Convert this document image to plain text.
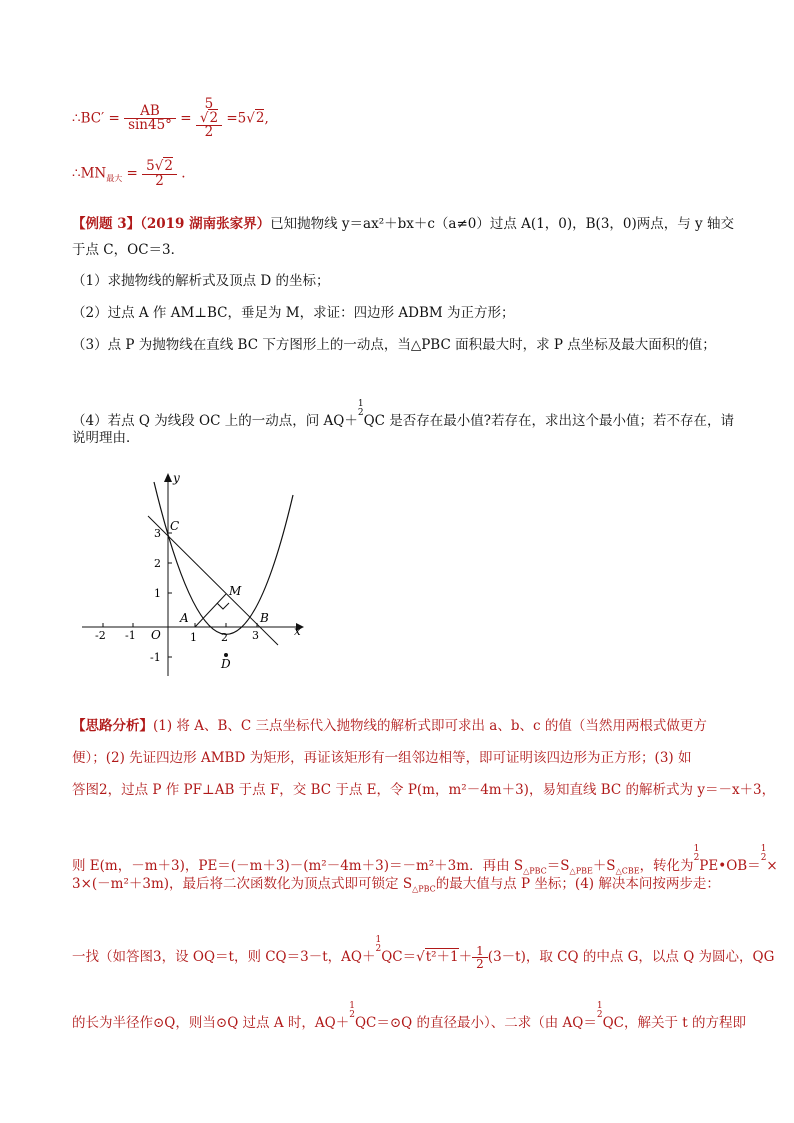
∴BC′ = $\frac{AB}{\sin 45^\circ}$ =
5
√2
2
=5√2,
$\therefore MN_{最大} = \frac{5√2}{2}$ .
【例题 3】（2019 湖南张家界）已知抛物线 y＝ax²＋bx＋c（a≠0）过点 A(1，0)，B(3，0)两点，与 y 轴交
于点 C，OC＝3．
（1）求抛物线的解析式及顶点 D 的坐标；
（2）过点 A 作 AM⊥BC，垂足为 M，求证：四边形 ADBM 为正方形；
（3）点 P 为抛物线在直线 BC 下方图形上的一动点，当△PBC 面积最大时，求 P 点坐标及最大面积的值；
（4）若点 Q 为线段 OC 上的一动点，问 AQ＋
1
2 QC 是否存在最小值?若存在，求出这个最小值；若不存在，请
说明理由．
x
y
O
-2 -1	1 2 3
3
2
1
-1
A	B
C
D
M
【思路分析】(1) 将 A、B、C 三点坐标代入抛物线的解析式即可求出 a、b、c 的值（当然用两根式做更方
便）；(2) 先证四边形 AMBD 为矩形，再证该矩形有一组邻边相等，即可证明该四边形为正方形；(3) 如
答图2，过点 P 作 PF⊥AB 于点 F，交 BC 于点 E，令 P(m，m²－4m＋3)，易知直线 BC 的解析式为 y＝－x＋3，
则 E(m，－m＋3)，PE＝(－m＋3)－(m²－4m＋3)＝－m²＋3m．再由 $S_{\triangle PBC}=S_{\triangle PBE}+S_{\triangle CBE}$，转化为
1
2 PE•OB＝
1
2 ×
3×(－m²＋3m)，最后将二次函数化为顶点式即可锁定 $S_{\triangle PBC}$的最大值与点 P 坐标；(4) 解决本问按两步走：
一找（如答图3，设 OQ＝t，则 CQ＝3－t，AQ＋
1
2 $QC=√t^2+1+ \frac{1}{2} (3-t)$，取 CQ 的中点 G，以点 Q 为圆心，QG
的长为半径作⊙Q，则当⊙Q 过点 A 时，AQ＋
1
2 QC＝⊙Q 的直径最小）、二求（由 AQ＝
1
2 QC，解关于 t 的方程即
